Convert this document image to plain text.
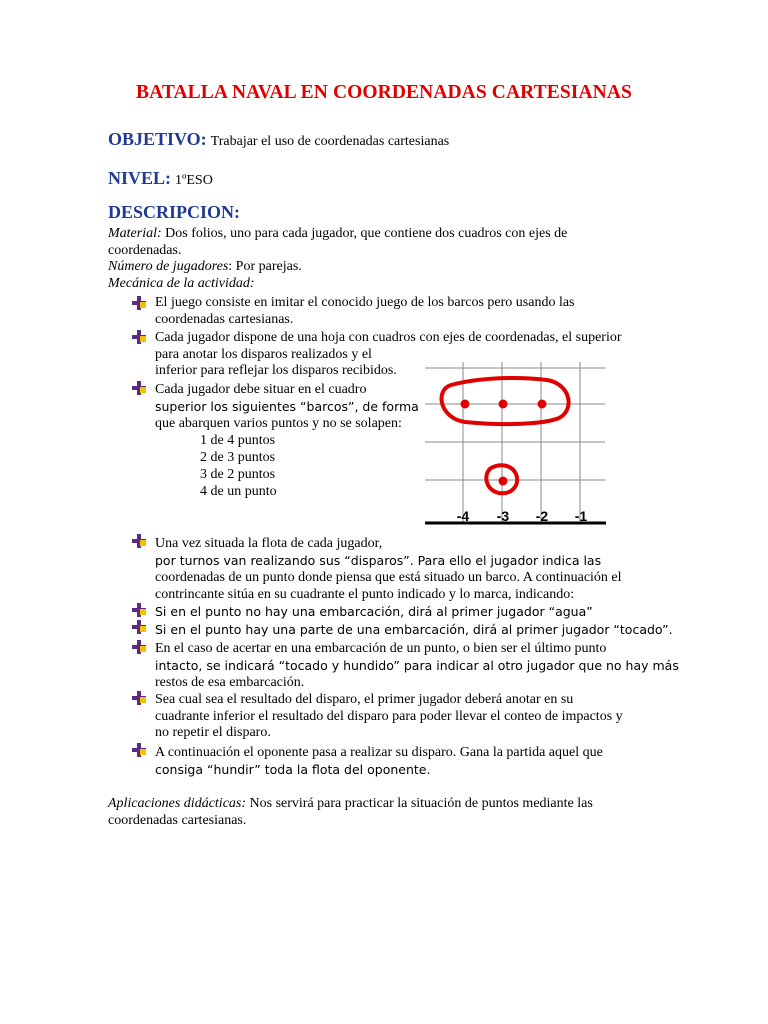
BATALLA NAVAL EN COORDENADAS CARTESIANAS
OBJETIVO: Trabajar el uso de coordenadas cartesianas
NIVEL: 1ºESO
DESCRIPCION:
Material: Dos folios, uno para cada jugador, que contiene dos cuadros con ejes de
coordenadas.
Número de jugadores: Por parejas.
Mecánica de la actividad:
El juego consiste en imitar el conocido juego de los barcos pero usando las
coordenadas cartesianas.
Cada jugador dispone de una hoja con cuadros con ejes de coordenadas, el superior
para anotar los disparos realizados y el
inferior para reflejar los disparos recibidos.
Cada jugador debe situar en el cuadro
superior los siguientes “barcos”, de forma
que abarquen varios puntos y no se solapen:
1 de 4 puntos
2 de 3 puntos
3 de 2 puntos
4 de un punto
-4 -3 -2 -1
Una vez situada la flota de cada jugador,
por turnos van realizando sus “disparos”. Para ello el jugador indica las
coordenadas de un punto donde piensa que está situado un barco. A continuación el
contrincante sitúa en su cuadrante el punto indicado y lo marca, indicando:
Si en el punto no hay una embarcación, dirá al primer jugador “agua”
Si en el punto hay una parte de una embarcación, dirá al primer jugador “tocado”.
En el caso de acertar en una embarcación de un punto, o bien ser el último punto
intacto, se indicará “tocado y hundido” para indicar al otro jugador que no hay más
restos de esa embarcación.
Sea cual sea el resultado del disparo, el primer jugador deberá anotar en su
cuadrante inferior el resultado del disparo para poder llevar el conteo de impactos y
no repetir el disparo.
A continuación el oponente pasa a realizar su disparo. Gana la partida aquel que
consiga “hundir” toda la flota del oponente.
Aplicaciones didácticas: Nos servirá para practicar la situación de puntos mediante las
coordenadas cartesianas.
